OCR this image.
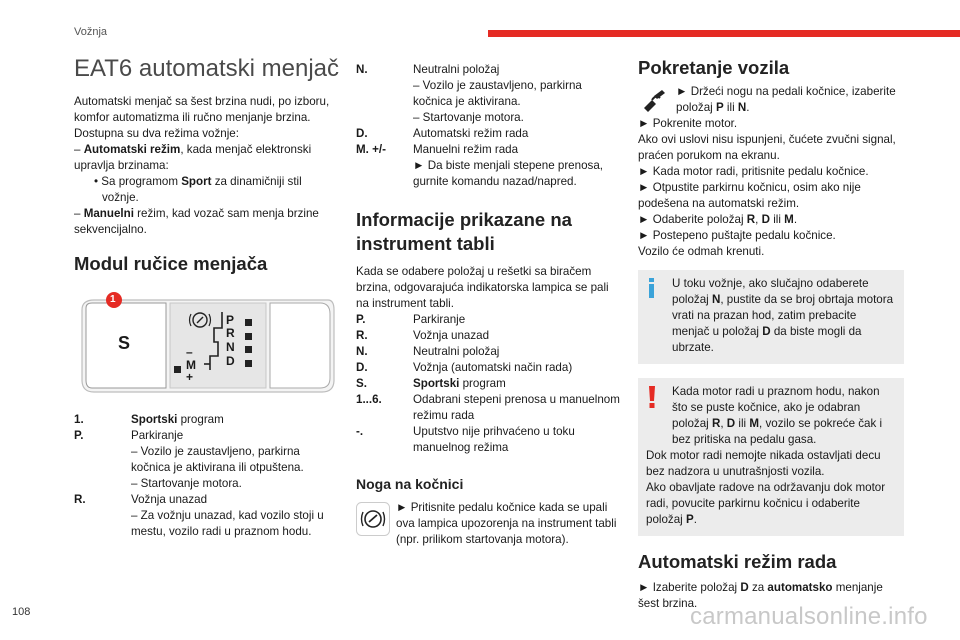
Vožnja
EAT6 automatski menjač

Automatski menjač sa šest brzina nudi, po izboru, komfor automatizma ili ručno menjanje brzina.

Dostupna su dva režima vožnje:

– Automatski režim, kada menjač elektronski upravlja brzinama:

• Sa programom Sport za dinamičniji stil vožnje.

– Manuelni režim, kad vozač sam menja brzine sekvencijalno.

Modul ručice menjača
1
S
P
R
N
D
–
M
+
1.	Sportski program
P.	Parkiranje
– Vozilo je zaustavljeno, parkirna kočnica je aktivirana ili otpuštena.
– Startovanje motora.
R.	Vožnja unazad
– Za vožnju unazad, kad vozilo stoji u mestu, vozilo radi u praznom hodu.
N.	Neutralni položaj
– Vozilo je zaustavljeno, parkirna kočnica je aktivirana.
– Startovanje motora.
D.	Automatski režim rada
M. +/-	Manuelni režim rada
► Da biste menjali stepene prenosa, gurnite komandu nazad/napred.
Informacije prikazane na instrument tabli

Kada se odabere položaj u rešetki sa biračem brzina, odgovarajuća indikatorska lampica se pali na instrument tabli.

P.	Parkiranje
R.	Vožnja unazad
N.	Neutralni položaj
D.	Vožnja (automatski način rada)
S.	Sportski program
1...6.	Odabrani stepeni prenosa u manuelnom režimu rada
-.	Uputstvo nije prihvaćeno u toku manuelnog režima
Noga na kočnici
► Pritisnite pedalu kočnice kada se upali ova lampica upozorenja na instrument tabli (npr. prilikom startovanja motora).
Pokretanje vozila
► Držeći nogu na pedali kočnice, izaberite položaj P ili N.

► Pokrenite motor.

Ako ovi uslovi nisu ispunjeni, čućete zvučni signal, praćen porukom na ekranu.

► Kada motor radi, pritisnite pedalu kočnice.

► Otpustite parkirnu kočnicu, osim ako nije podešena na automatski režim.

► Odaberite položaj R, D ili M.

► Postepeno puštajte pedalu kočnice.

Vozilo će odmah krenuti.

U toku vožnje, ako slučajno odaberete položaj N, pustite da se broj obrtaja motora vrati na prazan hod, zatim prebacite menjač u položaj D da biste mogli da ubrzate.

Kada motor radi u praznom hodu, nakon što se puste kočnice, ako je odabran položaj R, D ili M, vozilo se pokreće čak i bez pritiska na pedalu gasa.

Dok motor radi nemojte nikada ostavljati decu bez nadzora u unutrašnjosti vozila.

Ako obavljate radove na održavanju dok motor radi, povucite parkirnu kočnicu i odaberite položaj P.

Automatski režim rada

► Izaberite položaj D za automatsko menjanje šest brzina.

108	carmanualsonline.info
